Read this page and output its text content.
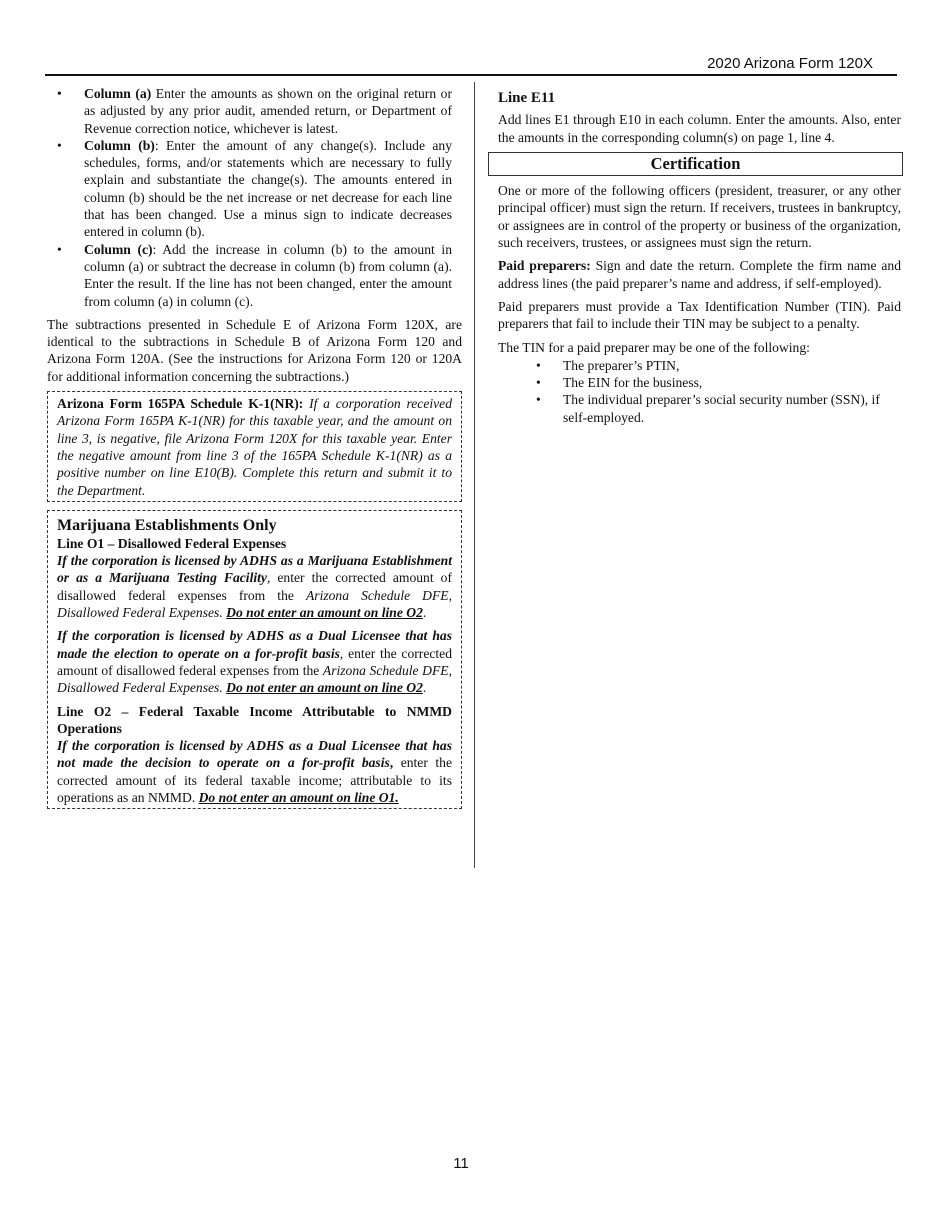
2020 Arizona Form 120X
• Column (a) Enter the amounts as shown on the original return or as adjusted by any prior audit, amended return, or Department of Revenue correction notice, whichever is latest.
• Column (b): Enter the amount of any change(s). Include any schedules, forms, and/or statements which are necessary to fully explain and substantiate the change(s). The amounts entered in column (b) should be the net increase or net decrease for each line that has been changed. Use a minus sign to indicate decreases entered in column (b).
• Column (c): Add the increase in column (b) to the amount in column (a) or subtract the decrease in column (b) from column (a). Enter the result. If the line has not been changed, enter the amount from column (a) in column (c).

The subtractions presented in Schedule E of Arizona Form 120X, are identical to the subtractions in Schedule B of Arizona Form 120 and Arizona Form 120A. (See the instructions for Arizona Form 120 or 120A for additional information concerning the subtractions.)

Arizona Form 165PA Schedule K-1(NR): If a corporation received Arizona Form 165PA K-1(NR) for this taxable year, and the amount on line 3, is negative, file Arizona Form 120X for this taxable year. Enter the negative amount from line 3 of the 165PA Schedule K-1(NR) as a positive number on line E10(B). Complete this return and submit it to the Department.

Marijuana Establishments Only
Line O1 – Disallowed Federal Expenses

If the corporation is licensed by ADHS as a Marijuana Establishment or as a Marijuana Testing Facility, enter the corrected amount of disallowed federal expenses from the Arizona Schedule DFE, Disallowed Federal Expenses. Do not enter an amount on line O2.

If the corporation is licensed by ADHS as a Dual Licensee that has made the election to operate on a for-profit basis, enter the corrected amount of disallowed federal expenses from the Arizona Schedule DFE, Disallowed Federal Expenses. Do not enter an amount on line O2.

Line O2 – Federal Taxable Income Attributable to NMMD Operations

If the corporation is licensed by ADHS as a Dual Licensee that has not made the decision to operate on a for-profit basis, enter the corrected amount of its federal taxable income; attributable to its operations as an NMMD. Do not enter an amount on line O1.

Line E11

Add lines E1 through E10 in each column. Enter the amounts. Also, enter the amounts in the corresponding column(s) on page 1, line 4.

Certification

One or more of the following officers (president, treasurer, or any other principal officer) must sign the return. If receivers, trustees in bankruptcy, or assignees are in control of the property or business of the organization, such receivers, trustees, or assignees must sign the return.

Paid preparers: Sign and date the return. Complete the firm name and address lines (the paid preparer’s name and address, if self-employed).

Paid preparers must provide a Tax Identification Number (TIN). Paid preparers that fail to include their TIN may be subject to a penalty.

The TIN for a paid preparer may be one of the following:

• The preparer’s PTIN,
• The EIN for the business,
• The individual preparer’s social security number (SSN), if self-employed.
11
